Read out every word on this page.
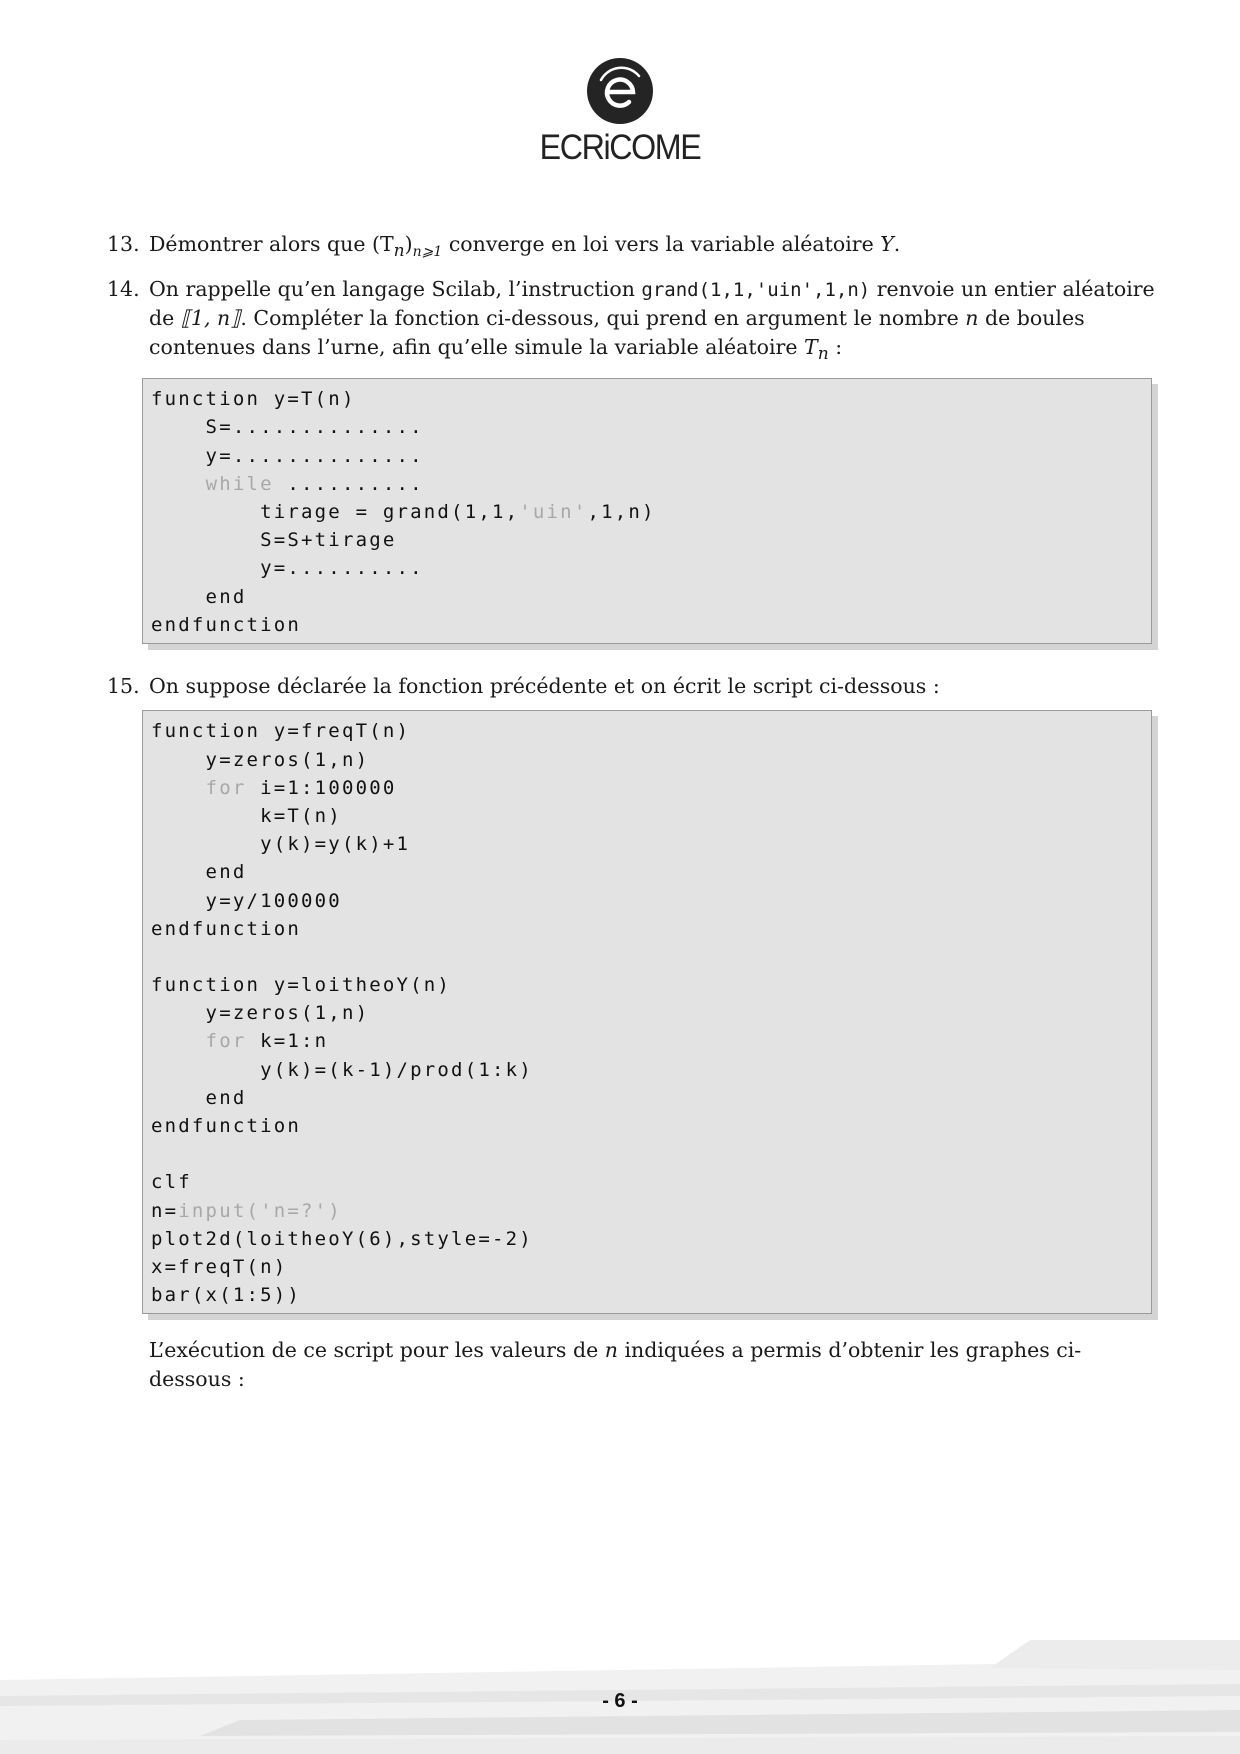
ECRiCOME
13. Démontrer alors que $(T_n)_{n⩾1}$ converge en loi vers la variable aléatoire Y.
14. On rappelle qu’en langage Scilab, l’instruction grand(1,1,'uin',1,n) renvoie un entier aléatoire de ⟦1, n⟧. Compléter la fonction ci-dessous, qui prend en argument le nombre n de boules contenues dans l’urne, afin qu’elle simule la variable aléatoire $T_n$ :
function y=T(n)
S=..............
y=..............
while ..........
tirage = grand(1,1,'uin',1,n)
S=S+tirage
y=..........
end
endfunction
15. On suppose déclarée la fonction précédente et on écrit le script ci-dessous :
function y=freqT(n)
y=zeros(1,n)
for i=1:100000
k=T(n)
y(k)=y(k)+1
end
y=y/100000
endfunction
function y=loitheoY(n)
y=zeros(1,n)
for k=1:n
y(k)=(k-1)/prod(1:k)
end
endfunction
clf
n=input('n=?')
plot2d(loitheoY(6),style=-2)
x=freqT(n)
bar(x(1:5))
L’exécution de ce script pour les valeurs de n indiquées a permis d’obtenir les graphes ci-dessous :
- 6 -
